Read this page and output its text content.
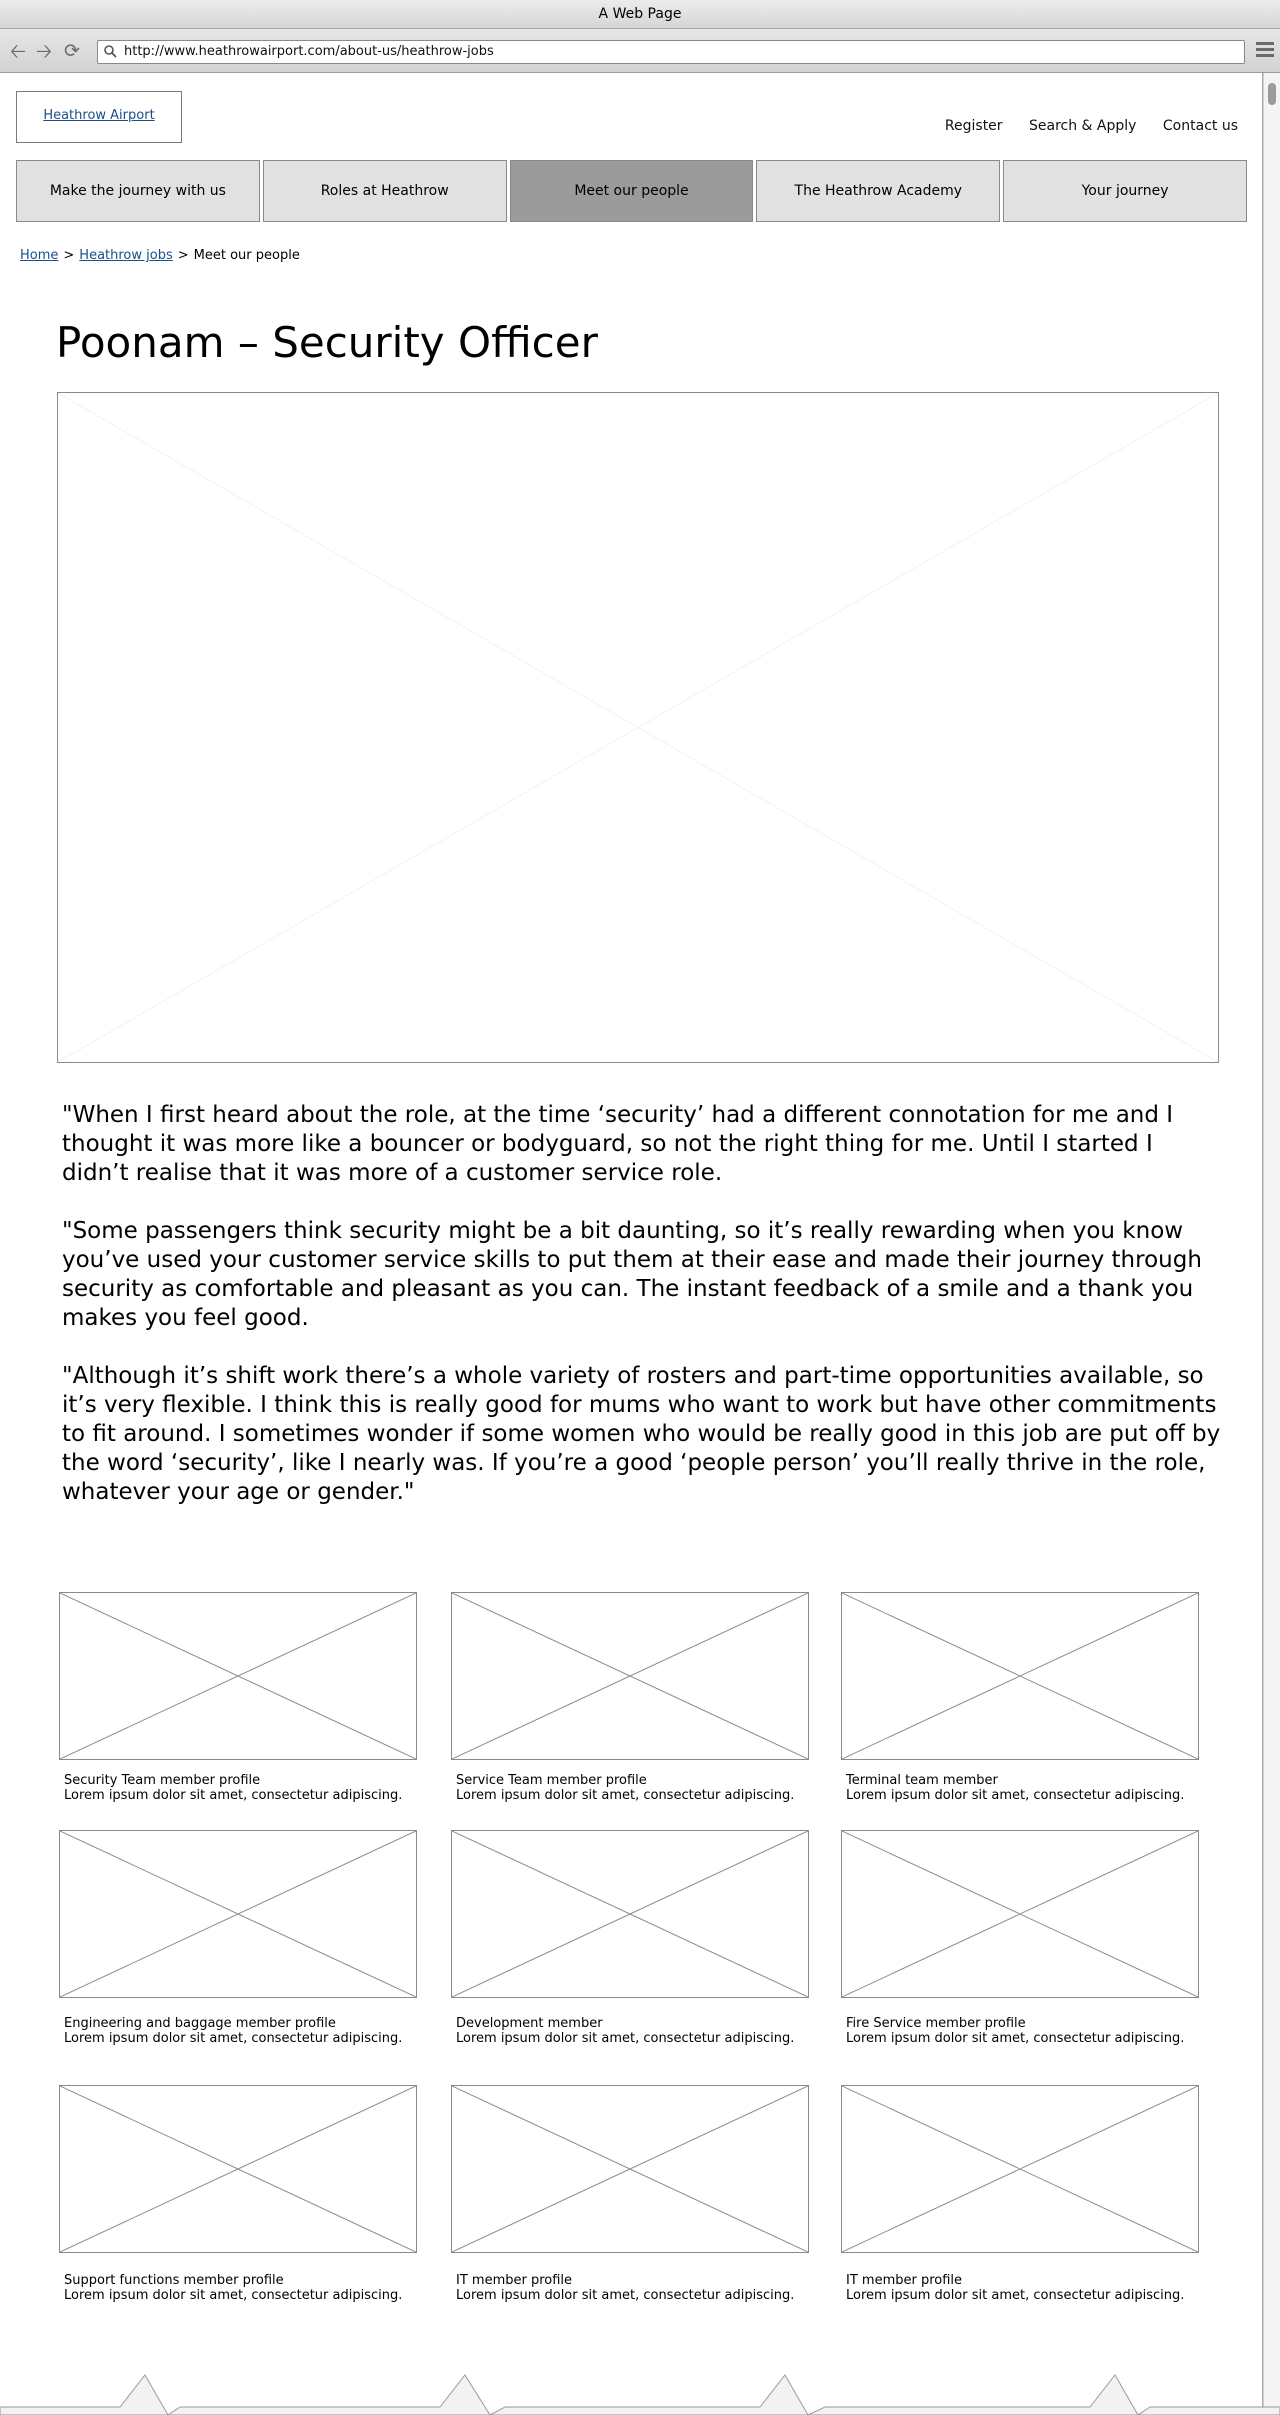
A Web Page
🡠 🡢 ⟳	http://www.heathrowairport.com/about-us/heathrow-jobs
Heathrow Airport
Register Search & Apply Contact us
Make the journey with us	Roles at Heathrow	Meet our people	The Heathrow Academy	Your journey
Home > Heathrow jobs > Meet our people
Poonam – Security Officer

"When I first heard about the role, at the time ‘security’ had a different connotation for me and I thought it was more like a bouncer or bodyguard, so not the right thing for me. Until I started I didn’t realise that it was more of a customer service role.

"Some passengers think security might be a bit daunting, so it’s really rewarding when you know you’ve used your customer service skills to put them at their ease and made their journey through security as comfortable and pleasant as you can. The instant feedback of a smile and a thank you makes you feel good.

"Although it’s shift work there’s a whole variety of rosters and part-time opportunities available, so it’s very flexible. I think this is really good for mums who want to work but have other commitments to fit around. I sometimes wonder if some women who would be really good in this job are put off by the word ‘security’, like I nearly was. If you’re a good ‘people person’ you’ll really thrive in the role, whatever your age or gender."

Security Team member profile
Lorem ipsum dolor sit amet, consectetur adipiscing.
Service Team member profile
Lorem ipsum dolor sit amet, consectetur adipiscing.
Terminal team member
Lorem ipsum dolor sit amet, consectetur adipiscing.
Engineering and baggage member profile
Lorem ipsum dolor sit amet, consectetur adipiscing.
Development member
Lorem ipsum dolor sit amet, consectetur adipiscing.
Fire Service member profile
Lorem ipsum dolor sit amet, consectetur adipiscing.
Support functions member profile
Lorem ipsum dolor sit amet, consectetur adipiscing.
IT member profile
Lorem ipsum dolor sit amet, consectetur adipiscing.
IT member profile
Lorem ipsum dolor sit amet, consectetur adipiscing.
